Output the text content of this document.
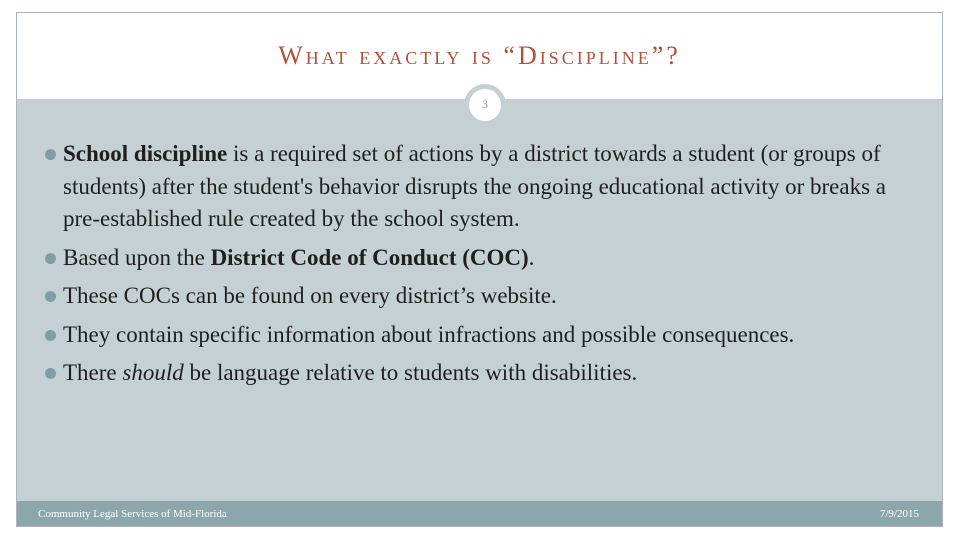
What exactly is “Discipline”?
School discipline is a required set of actions by a district towards a student (or groups of students) after the student's behavior disrupts the ongoing educational activity or breaks a pre-established rule created by the school system.
Based upon the District Code of Conduct (COC).
These COCs can be found on every district’s website.
They contain specific information about infractions and possible consequences.
There should be language relative to students with disabilities.
3
Community Legal Services of Mid-Florida	7/9/2015
